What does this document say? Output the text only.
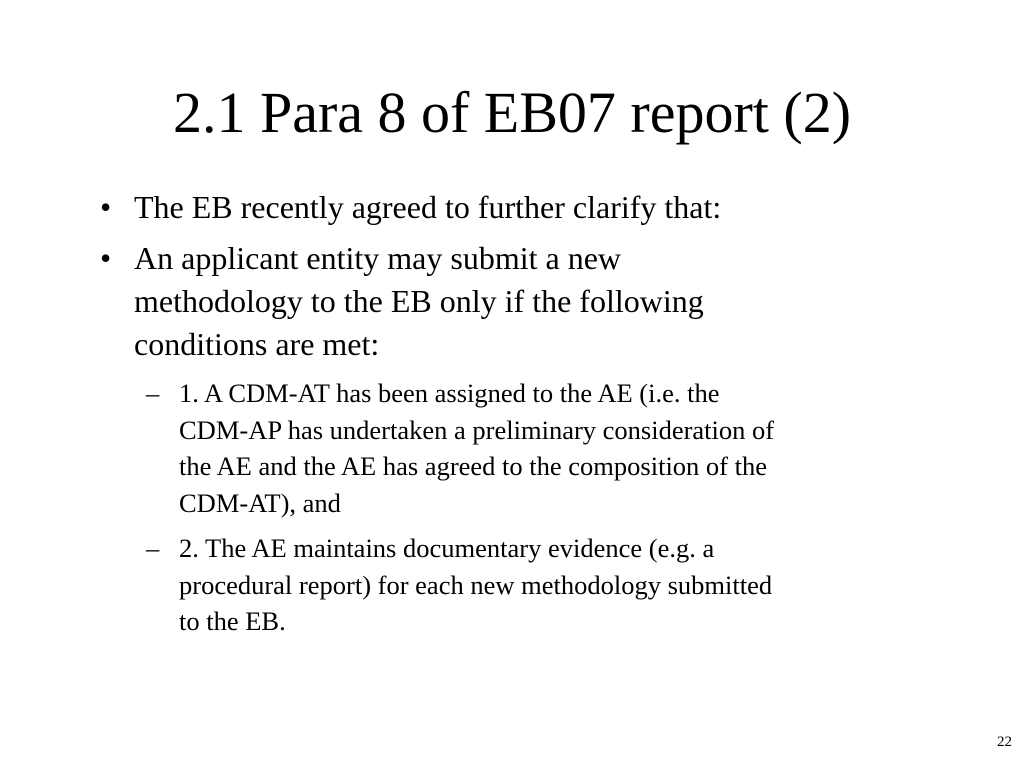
2.1 Para 8 of EB07 report (2)
• The EB recently agreed to further clarify that:
• An applicant entity may submit a new
methodology to the EB only if the following
conditions are met:
– 1. A CDM-AT has been assigned to the AE (i.e. the
CDM-AP has undertaken a preliminary consideration of
the AE and the AE has agreed to the composition of the
CDM-AT), and
– 2. The AE maintains documentary evidence (e.g. a
procedural report) for each new methodology submitted
to the EB.
22
